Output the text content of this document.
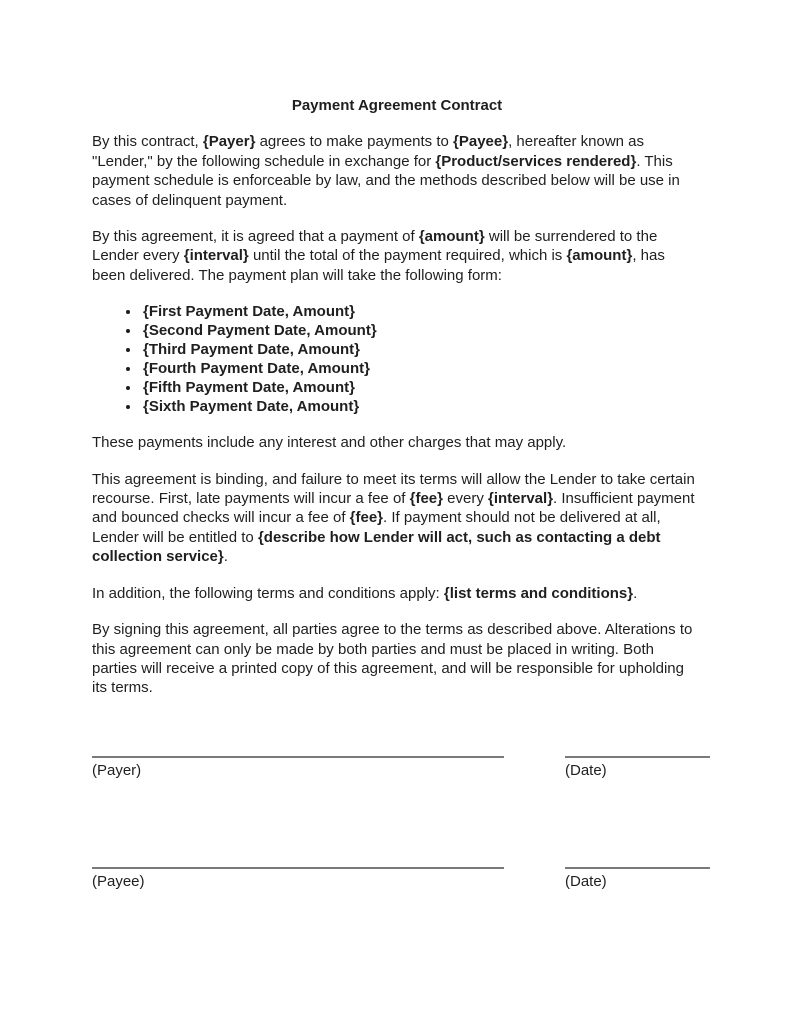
Payment Agreement Contract

By this contract, {Payer} agrees to make payments to {Payee}, hereafter known as "Lender," by the following schedule in exchange for {Product/services rendered}. This payment schedule is enforceable by law, and the methods described below will be use in cases of delinquent payment.

By this agreement, it is agreed that a payment of {amount} will be surrendered to the Lender every {interval} until the total of the payment required, which is {amount}, has been delivered. The payment plan will take the following form:

• {First Payment Date, Amount}
• {Second Payment Date, Amount}
• {Third Payment Date, Amount}
• {Fourth Payment Date, Amount}
• {Fifth Payment Date, Amount}
• {Sixth Payment Date, Amount}

These payments include any interest and other charges that may apply.

This agreement is binding, and failure to meet its terms will allow the Lender to take certain recourse. First, late payments will incur a fee of {fee} every {interval}. Insufficient payment and bounced checks will incur a fee of {fee}. If payment should not be delivered at all, Lender will be entitled to {describe how Lender will act, such as contacting a debt collection service}.

In addition, the following terms and conditions apply: {list terms and conditions}.

By signing this agreement, all parties agree to the terms as described above. Alterations to this agreement can only be made by both parties and must be placed in writing. Both parties will receive a printed copy of this agreement, and will be responsible for upholding its terms.

(Payer)	(Date)
(Payee)	(Date)
